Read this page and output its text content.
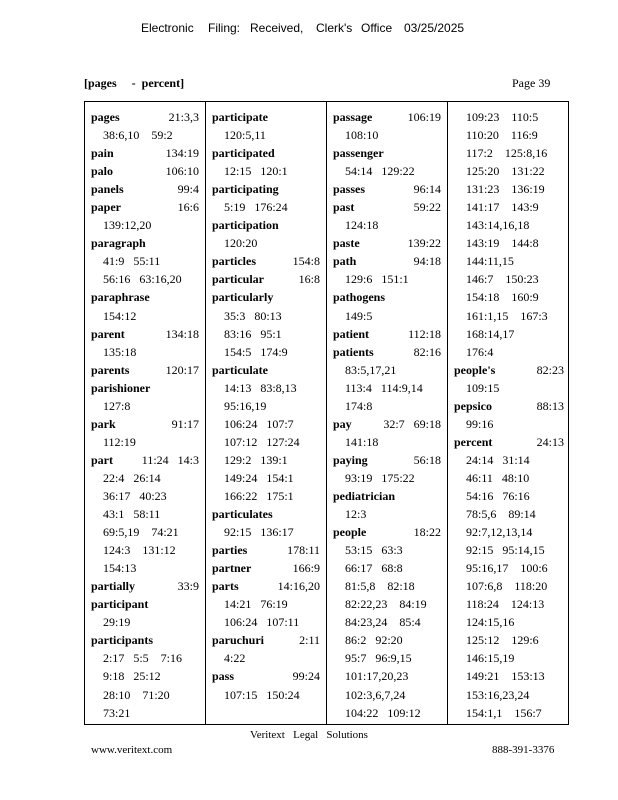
Electronic Filing: Received, Clerk's Office 03/25/2025
[pages     -  percent]	Page 39
pages	21:3,3
38:6,10    59:2
pain	134:19
palo	106:10
panels	99:4
paper	16:6
139:12,20
paragraph
41:9   55:11
56:16   63:16,20
paraphrase
154:12
parent	134:18
135:18
parents	120:17
parishioner
127:8
park	91:17
112:19
part 11:24   14:3
22:4   26:14
36:17   40:23
43:1   58:11
69:5,19    74:21
124:3    131:12
154:13
partially	33:9
participant
29:19
participants
2:17   5:5    7:16
9:18   25:12
28:10    71:20
73:21
participate
120:5,11
participated
12:15   120:1
participating
5:19   176:24
participation
120:20
particles	154:8
particular	16:8
particularly
35:3   80:13
83:16   95:1
154:5   174:9
particulate
14:13   83:8,13
95:16,19
106:24   107:7
107:12   127:24
129:2   139:1
149:24   154:1
166:22   175:1
particulates
92:15   136:17
parties	178:11
partner	166:9
parts	14:16,20
14:21   76:19
106:24   107:11
paruchuri	2:11
4:22
pass	99:24
107:15   150:24
passage	106:19
108:10
passenger
54:14   129:22
passes	96:14
past	59:22
124:18
paste	139:22
path	94:18
129:6   151:1
pathogens
149:5
patient	112:18
patients	82:16
83:5,17,21
113:4   114:9,14
174:8
pay	32:7   69:18
141:18
paying	56:18
93:19   175:22
pediatrician
12:3
people	18:22
53:15   63:3
66:17   68:8
81:5,8    82:18
82:22,23    84:19
84:23,24    85:4
86:2   92:20
95:7   96:9,15
101:17,20,23
102:3,6,7,24
104:22   109:12
109:23    110:5
110:20    116:9
117:2    125:8,16
125:20    131:22
131:23    136:19
141:17    143:9
143:14,16,18
143:19    144:8
144:11,15
146:7    150:23
154:18    160:9
161:1,15    167:3
168:14,17
176:4
people's	82:23
109:15
pepsico	88:13
99:16
percent	24:13
24:14   31:14
46:11   48:10
54:16   76:16
78:5,6    89:14
92:7,12,13,14
92:15   95:14,15
95:16,17    100:6
107:6,8    118:20
118:24    124:13
124:15,16
125:12    129:6
146:15,19
149:21    153:13
153:16,23,24
154:1,1    156:7
Veritext   Legal   Solutions
www.veritext.com	888-391-3376
